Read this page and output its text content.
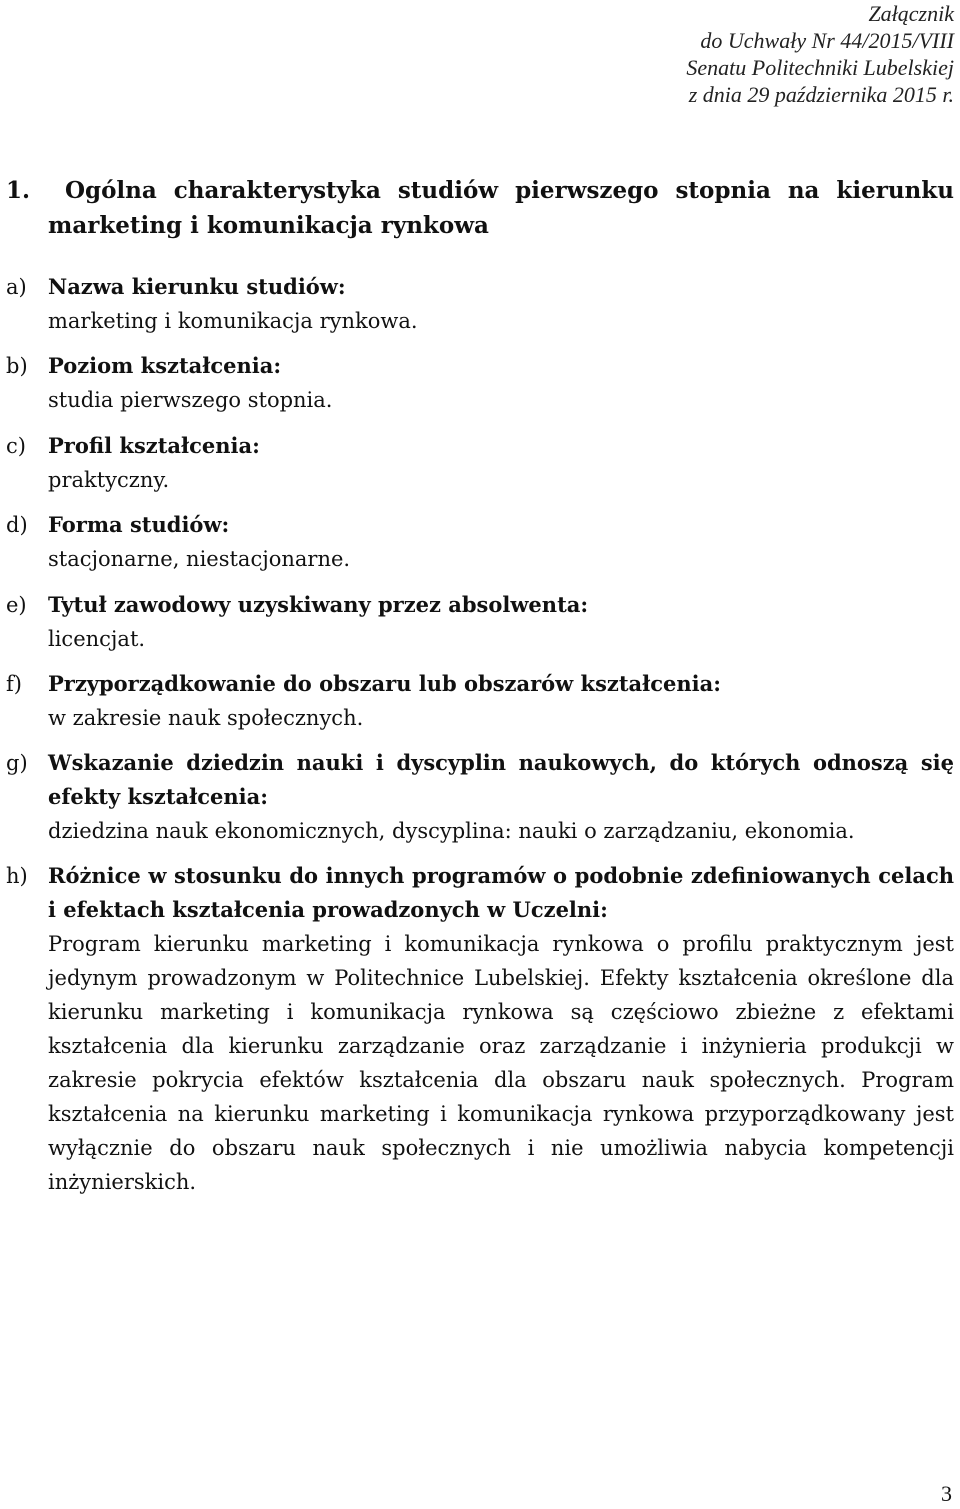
Załącznik
do Uchwały Nr 44/2015/VIII
Senatu Politechniki Lubelskiej
z dnia 29 października 2015 r.
1.	Ogólna charakterystyka studiów pierwszego stopnia na kierunku
marketing i komunikacja rynkowa
a) Nazwa kierunku studiów:
marketing i komunikacja rynkowa.
b) Poziom kształcenia:
studia pierwszego stopnia.
c) Profil kształcenia:
praktyczny.
d) Forma studiów:
stacjonarne, niestacjonarne.
e) Tytuł zawodowy uzyskiwany przez absolwenta:
licencjat.
f) Przyporządkowanie do obszaru lub obszarów kształcenia:
w zakresie nauk społecznych.
g) Wskazanie dziedzin nauki i dyscyplin naukowych, do których odnoszą się efekty kształcenia:
dziedzina nauk ekonomicznych, dyscyplina: nauki o zarządzaniu, ekonomia.
h) Różnice w stosunku do innych programów o podobnie zdefiniowanych celach i efektach kształcenia prowadzonych w Uczelni:
Program kierunku marketing i komunikacja rynkowa o profilu praktycznym jest jedynym prowadzonym w Politechnice Lubelskiej. Efekty kształcenia określone dla kierunku marketing i komunikacja rynkowa są częściowo zbieżne z efektami kształcenia dla kierunku zarządzanie oraz zarządzanie i inżynieria produkcji w zakresie pokrycia efektów kształcenia dla obszaru nauk społecznych. Program kształcenia na kierunku marketing i komunikacja rynkowa przyporządkowany jest wyłącznie do obszaru nauk społecznych i nie umożliwia nabycia kompetencji inżynierskich.
3
